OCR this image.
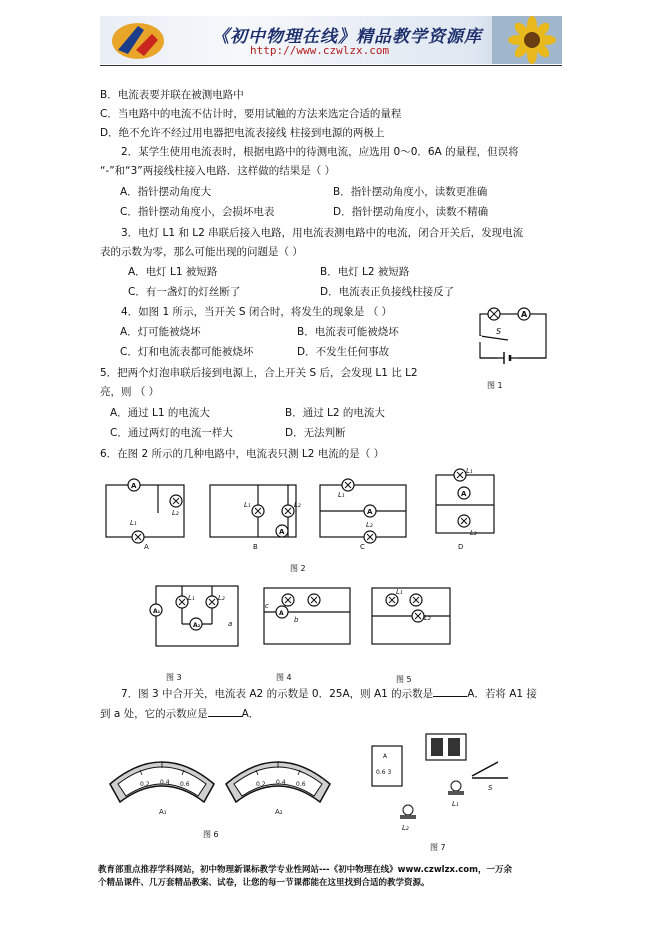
《初中物理在线》精品教学资源库
http://www.czwlzx.com
B．电流表要并联在被测电路中
C．当电路中的电流不估计时，要用试触的方法来选定合适的量程
D．绝不允许不经过用电器把电流表接线 柱接到电源的两极上
2．某学生使用电流表时，根据电路中的待测电流，应选用 0～0．6A 的量程，但误将
“-”和“3”两接线柱接入电路．这样做的结果是（ ）
A．指针摆动角度大	B．指针摆动角度小，读数更准确
C．指针摆动角度小，会损坏电表	D．指针摆动角度小，读数不精确
3．电灯 L1 和 L2 串联后接入电路，用电流表测电路中的电流，闭合开关后，发现电流
表的示数为零，那么可能出现的问题是（ ）
A．电灯 L1 被短路	B．电灯 L2 被短路
C．有一盏灯的灯丝断了	D．电流表正负接线柱接反了
4．如图 1 所示，当开关 S 闭合时，将发生的现象是 （ ）
A．灯可能被烧坏	B．电流表可能被烧坏
C．灯和电流表都可能被烧坏	D．不发生任何事故
A
S
图 1
5．把两个灯泡串联后接到电源上，合上开关 S 后，会发现 L1 比 L2
亮，则 （ ）
A．通过 L1 的电流大	B．通过 L2 的电流大
C．通过两灯的电流一样大	D．无法判断
6．在图 2 所示的几种电路中，电流表只测 L2 电流的是（ ）
A
A
A
A
L₁
L₂
L₁	L₂
L₁
L₂
L₁
L₂
A	B	C	D
图 2
A₁
A₂
A
L₁	L₂
a
c
b
L₁
L₂
图 3	图 4	图 5
7．图 3 中合开关，电流表 A2 的示数是 0．25A，则 A1 的示数是	A．若将 A1 接
到 a 处，它的示数应是	A．
0.2 0.4 0.6	0.2 0.4 0.6
A₁	A₂
图 6
A
0.6 3
S
L₁
L₂
图 7
教育部重点推荐学科网站，初中物理新课标教学专业性网站---《初中物理在线》www.czwlzx.com，一万余
个精品课件、几万套精品教案、试卷，让您的每一节课都能在这里找到合适的教学资源。
